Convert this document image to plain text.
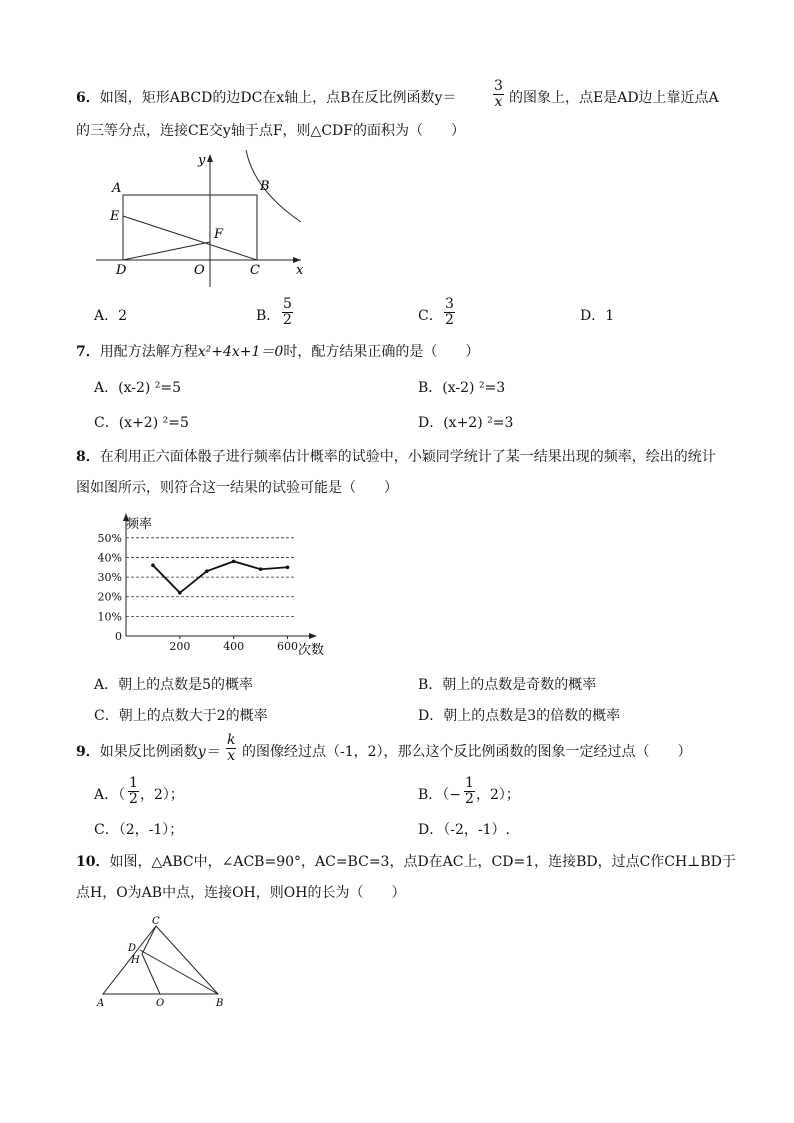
6．如图，矩形ABCD的边DC在x轴上，点B在反比例函数y＝
3
x 的图象上，点E是AD边上靠近点A
的三等分点，连接CE交y轴于点F，则△CDF的面积为（　　）
A	B
C
D
E
F
O	x
y
A．2	B．
5
2	C．
3
2	D．1
7．用配方法解方程x²+4x+1＝0时，配方结果正确的是（　　）
A．(x-2) ²=5	B．(x-2) ²=3
C．(x+2) ²=5	D．(x+2) ²=3
8．在利用正六面体骰子进行频率估计概率的试验中，小颖同学统计了某一结果出现的频率，绘出的统计
图如图所示，则符合这一结果的试验可能是（　　）
0
10%
20%
30%
40%
50%
200	400	600
频率
次数
A．朝上的点数是5的概率	B．朝上的点数是奇数的概率
C．朝上的点数大于2的概率	D．朝上的点数是3的倍数的概率
9．如果反比例函数y＝
k
x 的图像经过点（-1，2），那么这个反比例函数的图象一定经过点（　　）
A．（
1
2 ，2）；	B．（−
1
2 ，2）；
C．（2，-1）；	D．（-2，-1）.
10．如图，△ABC中，∠ACB=90°，AC=BC=3，点D在AC上，CD=1，连接BD，过点C作CH⊥BD于
点H，O为AB中点，连接OH，则OH的长为（　　）
C
D
H
A	O	B
